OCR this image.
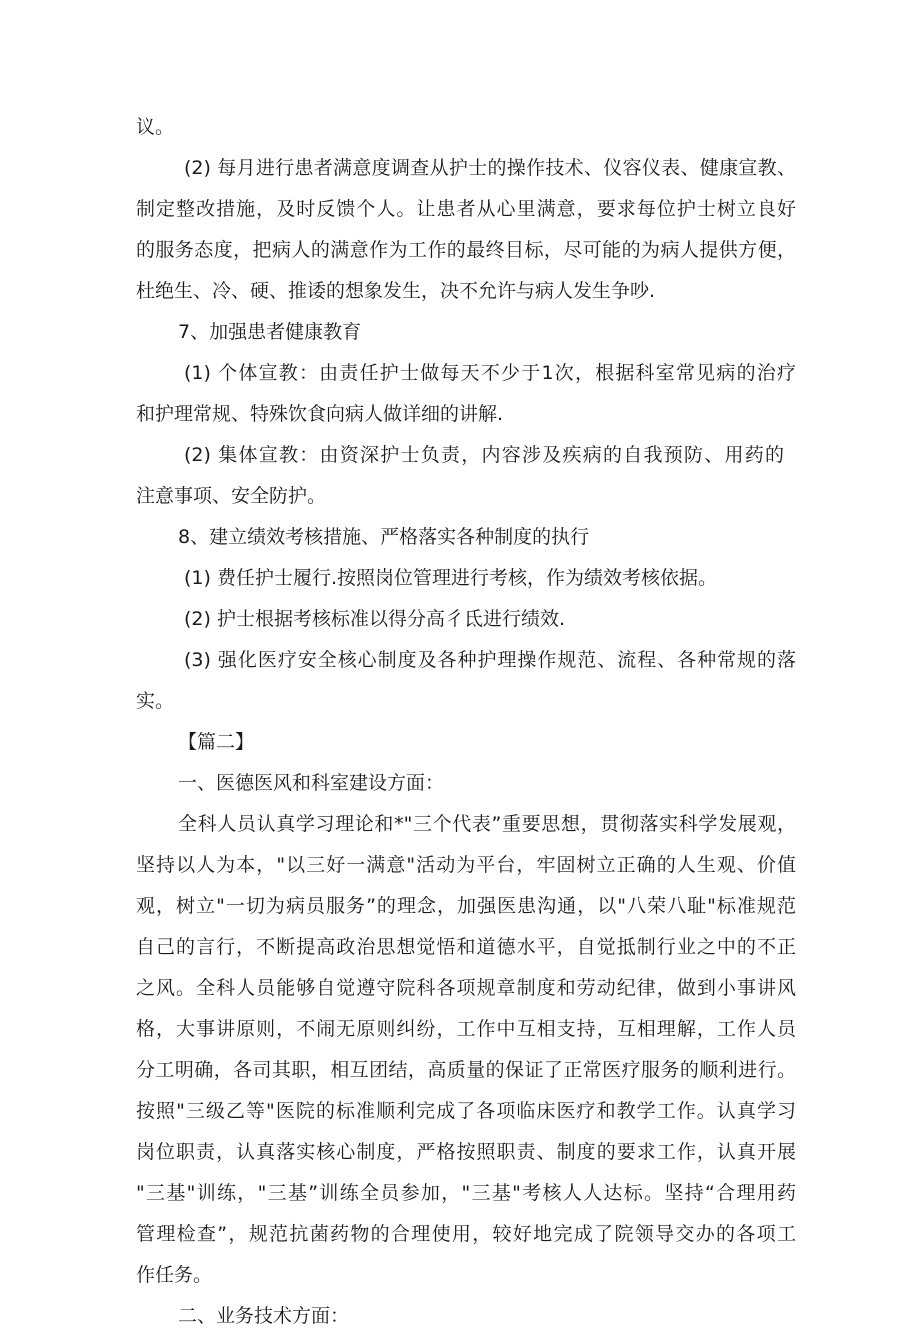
议。
(2) 每月进行患者满意度调查从护士的操作技术、仪容仪表、健康宣教、
制定整改措施，及时反馈个人。让患者从心里满意，要求每位护士树立良好
的服务态度，把病人的满意作为工作的最终目标，尽可能的为病人提供方便，
杜绝生、冷、硬、推诿的想象发生，决不允许与病人发生争吵.
7、加强患者健康教育
(1) 个体宣教：由责任护士做每天不少于1次，根据科室常见病的治疗
和护理常规、特殊饮食向病人做详细的讲解.
(2) 集体宣教：由资深护士负责，内容涉及疾病的自我预防、用药的
注意事项、安全防护。
8、建立绩效考核措施、严格落实各种制度的执行
(1) 费任护士履行.按照岗位管理进行考核，作为绩效考核依据。
(2) 护士根据考核标准以得分高彳氐进行绩效.
(3) 强化医疗安全核心制度及各种护理操作规范、流程、各种常规的落
实。
【篇二】
一、医德医风和科室建设方面：
全科人员认真学习理论和*"三个代表”重要思想，贯彻落实科学发展观，
坚持以人为本，"以三好一满意"活动为平台，牢固树立正确的人生观、价值
观，树立"一切为病员服务”的理念，加强医患沟通，以"八荣八耻"标准规范
自己的言行，不断提高政治思想觉悟和道德水平，自觉抵制行业之中的不正
之风。全科人员能够自觉遵守院科各项规章制度和劳动纪律，做到小事讲风
格，大事讲原则，不闹无原则纠纷，工作中互相支持，互相理解，工作人员
分工明确，各司其职，相互团结，高质量的保证了正常医疗服务的顺利进行。
按照"三级乙等"医院的标准顺利完成了各项临床医疗和教学工作。认真学习
岗位职责，认真落实核心制度，严格按照职责、制度的要求工作，认真开展
"三基"训练，"三基”训练全员参加，"三基"考核人人达标。坚持“合理用药
管理检查”，规范抗菌药物的合理使用，较好地完成了院领导交办的各项工
作任务。
二、业务技术方面：
